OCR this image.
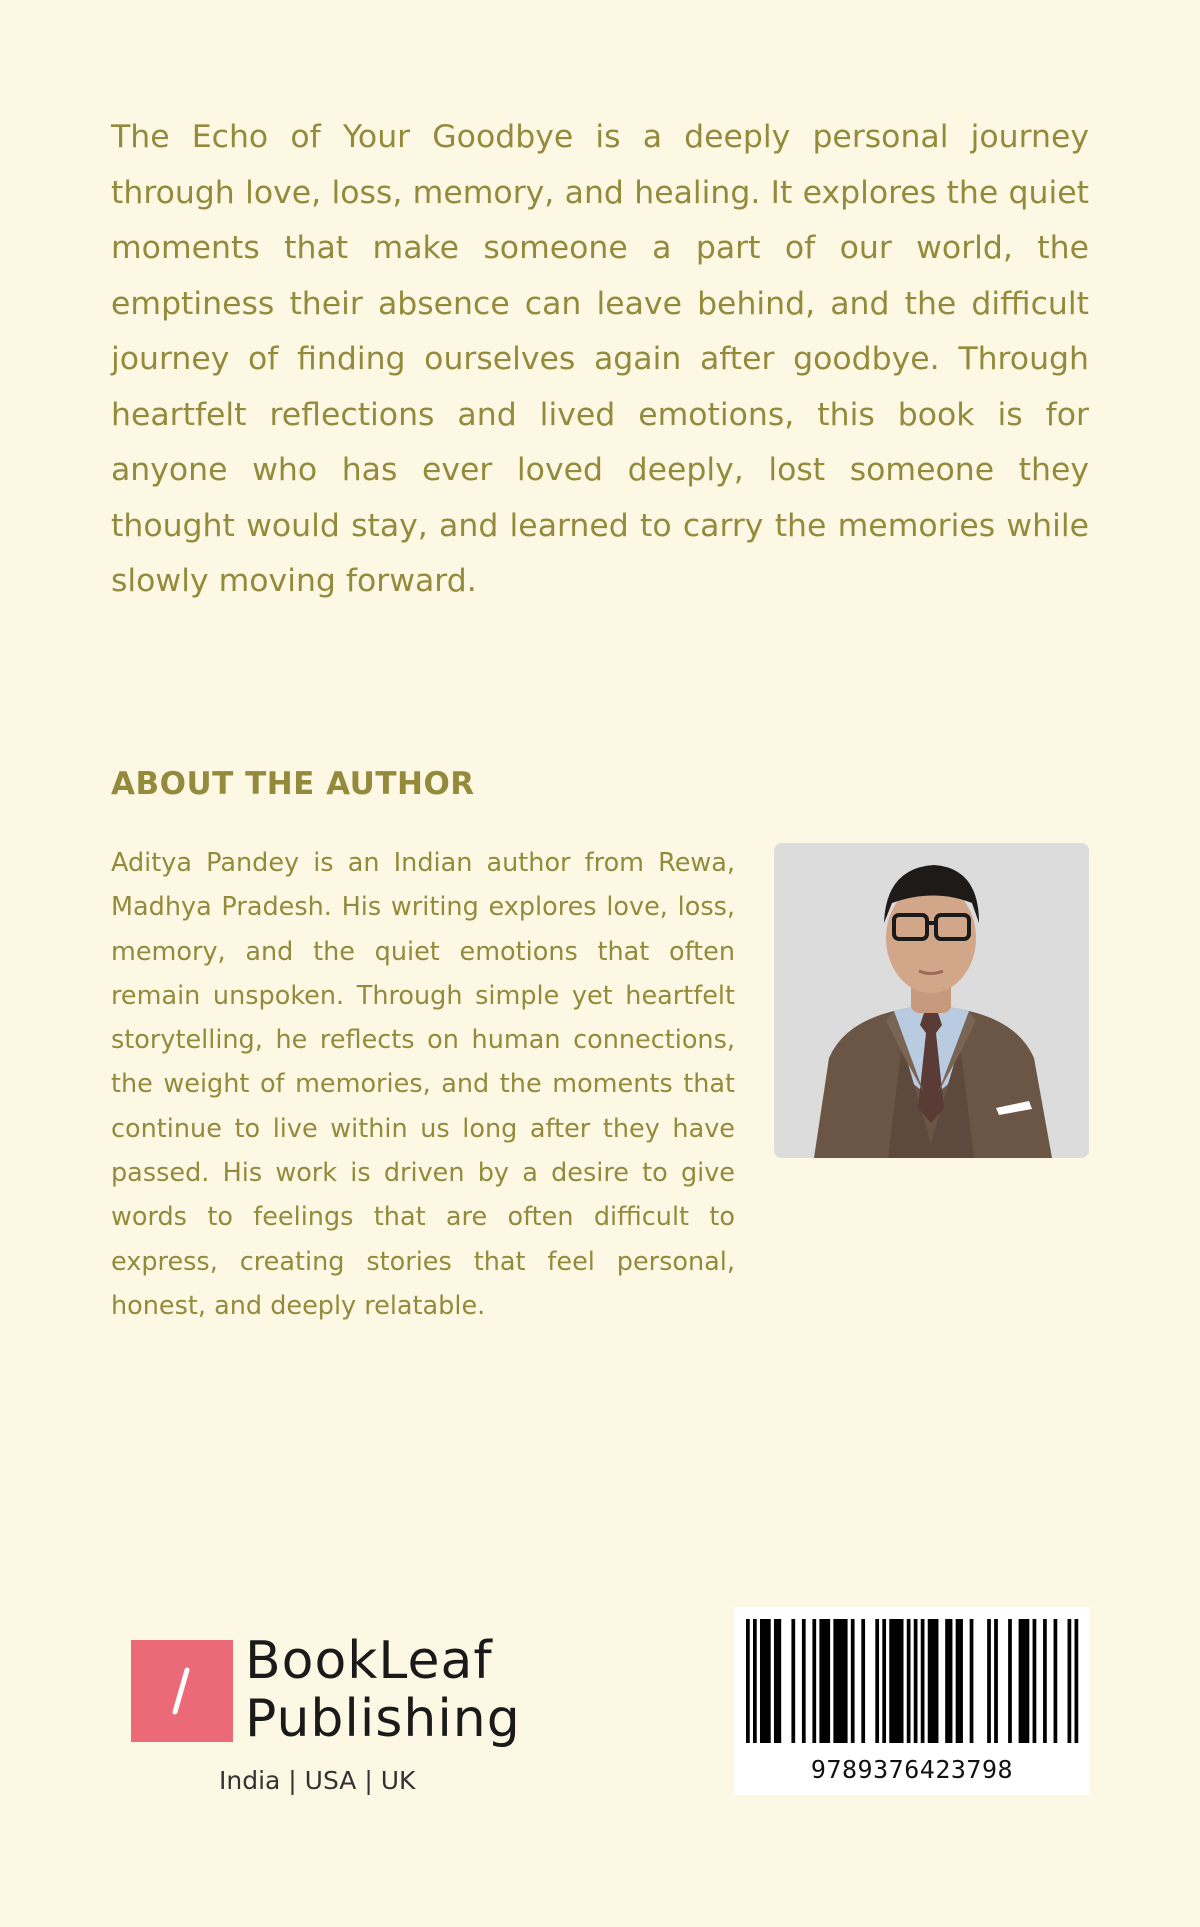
The Echo of Your Goodbye is a deeply personal journey through love, loss, memory, and healing. It explores the quiet moments that make someone a part of our world, the emptiness their absence can leave behind, and the difficult journey of finding ourselves again after goodbye. Through heartfelt reflections and lived emotions, this book is for anyone who has ever loved deeply, lost someone they thought would stay, and learned to carry the memories while slowly moving forward.

ABOUT THE AUTHOR

Aditya Pandey is an Indian author from Rewa, Madhya Pradesh. His writing explores love, loss, memory, and the quiet emotions that often remain unspoken. Through simple yet heartfelt storytelling, he reflects on human connections, the weight of memories, and the moments that continue to live within us long after they have passed. His work is driven by a desire to give words to feelings that are often difficult to express, creating stories that feel personal, honest, and deeply relatable.

BookLeaf
Publishing
India | USA | UK	9789376423798
